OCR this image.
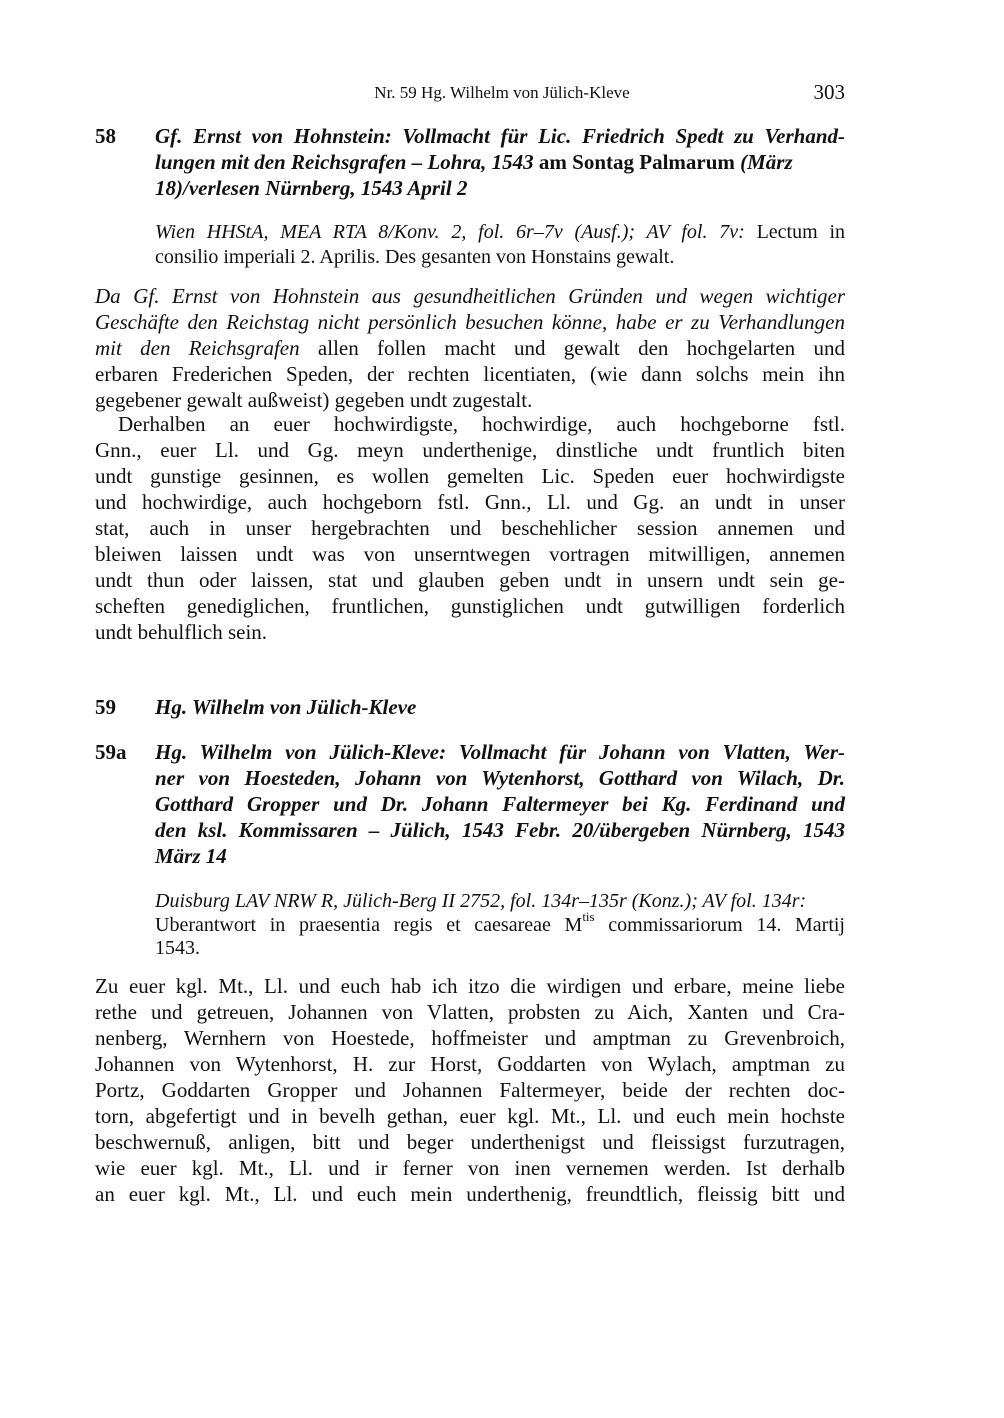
Nr. 59 Hg. Wilhelm von Jülich-Kleve	303
58 Gf. Ernst von Hohnstein: Vollmacht für Lic. Friedrich Spedt zu Verhand-
lungen mit den Reichsgrafen – Lohra, 1543 am Sontag Palmarum (März
18)/verlesen Nürnberg, 1543 April 2
Wien HHStA, MEA RTA 8/Konv. 2, fol. 6r–7v (Ausf.); AV fol. 7v: Lectum in
consilio imperiali 2. Aprilis. Des gesanten von Honstains gewalt.
Da Gf. Ernst von Hohnstein aus gesundheitlichen Gründen und wegen wichtiger
Geschäfte den Reichstag nicht persönlich besuchen könne, habe er zu Verhandlungen
mit den Reichsgrafen allen follen macht und gewalt den hochgelarten und
erbaren Frederichen Speden, der rechten licentiaten, (wie dann solchs mein ihn
gegebener gewalt außweist) gegeben undt zugestalt.
Derhalben an euer hochwirdigste, hochwirdige, auch hochgeborne fstl.
Gnn., euer Ll. und Gg. meyn underthenige, dinstliche undt fruntlich biten
undt gunstige gesinnen, es wollen gemelten Lic. Speden euer hochwirdigste
und hochwirdige, auch hochgeborn fstl. Gnn., Ll. und Gg. an undt in unser
stat, auch in unser hergebrachten und beschehlicher session annemen und
bleiwen laissen undt was von unserntwegen vortragen mitwilligen, annemen
undt thun oder laissen, stat und glauben geben undt in unsern undt sein ge-
scheften genediglichen, fruntlichen, gunstiglichen undt gutwilligen forderlich
undt behulflich sein.
59 Hg. Wilhelm von Jülich-Kleve
59a Hg. Wilhelm von Jülich-Kleve: Vollmacht für Johann von Vlatten, Wer-
ner von Hoesteden, Johann von Wytenhorst, Gotthard von Wilach, Dr.
Gotthard Gropper und Dr. Johann Faltermeyer bei Kg. Ferdinand und
den ksl. Kommissaren – Jülich, 1543 Febr. 20/übergeben Nürnberg, 1543
März 14
Duisburg LAV NRW R, Jülich-Berg II 2752, fol. 134r–135r (Konz.); AV fol. 134r:
Uberantwort in praesentia regis et caesareae $M^{tis}$ commissariorum 14. Martij
1543.
Zu euer kgl. Mt., Ll. und euch hab ich itzo die wirdigen und erbare, meine liebe
rethe und getreuen, Johannen von Vlatten, probsten zu Aich, Xanten und Cra-
nenberg, Wernhern von Hoestede, hoffmeister und amptman zu Grevenbroich,
Johannen von Wytenhorst, H. zur Horst, Goddarten von Wylach, amptman zu
Portz, Goddarten Gropper und Johannen Faltermeyer, beide der rechten doc-
torn, abgefertigt und in bevelh gethan, euer kgl. Mt., Ll. und euch mein hochste
beschwernuß, anligen, bitt und beger underthenigst und fleissigst furzutragen,
wie euer kgl. Mt., Ll. und ir ferner von inen vernemen werden. Ist derhalb
an euer kgl. Mt., Ll. und euch mein underthenig, freundtlich, fleissig bitt und
